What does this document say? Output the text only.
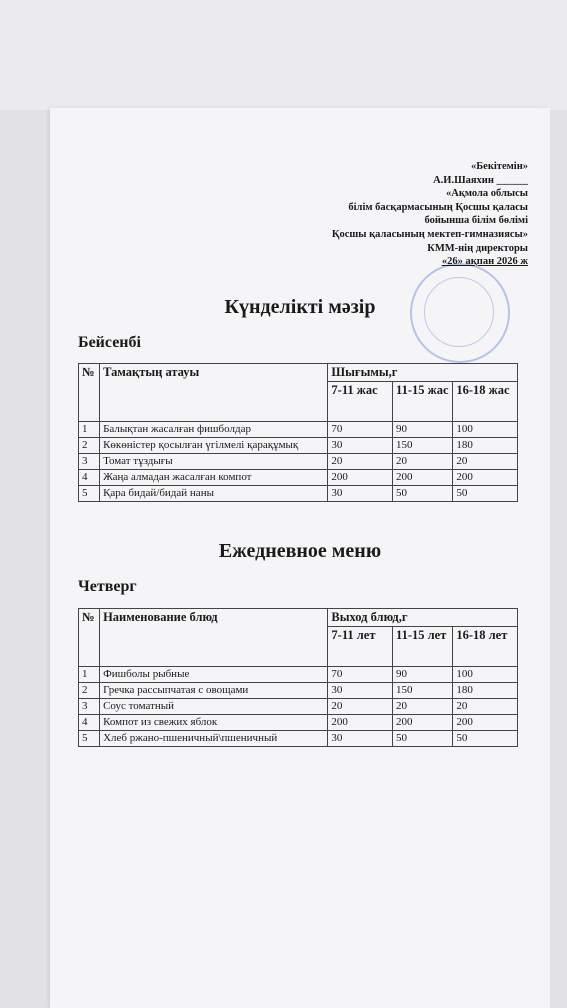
«Бекітемін»
А.И.Шаяхин ______
«Ақмола облысы
білім басқармасының Қосшы қаласы
бойынша білім бөлімі
Қосшы қаласының мектеп-гимназиясы»
КММ-нің директоры
«26» ақпан 2026 ж
Күнделікті мәзір
Бейсенбі
№	Тамақтың атауы	Шығымы,г		
		7-11 жас	11-15 жас	16-18 жас
1	Балықтан жасалған фишболдар	70	90	100
2	Көкөністер қосылған үгілмелі қарақұмық	30	150	180
3	Томат тұздығы	20	20	20
4	Жаңа алмадан жасалған компот	200	200	200
5	Қара бидай/бидай наны	30	50	50
Ежедневное меню
Четверг
№	Наименование блюд	Выход блюд,г		
		7-11 лет	11-15 лет	16-18 лет
1	Фишболы рыбные	70	90	100
2	Гречка рассыпчатая с овощами	30	150	180
3	Соус томатный	20	20	20
4	Компот из свежих яблок	200	200	200
5	Хлеб ржано-пшеничный\пшеничный	30	50	50
